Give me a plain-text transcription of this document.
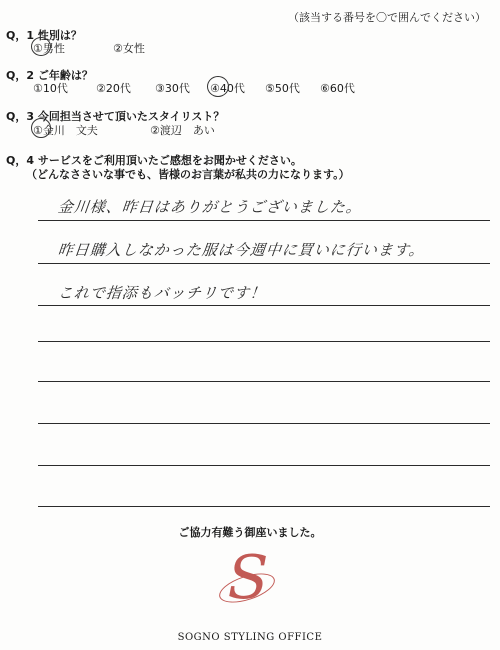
（該当する番号を〇で囲んでください）
Q，1 性別は？
①男性	②女性
Q，2 ご年齢は？
①10代	②20代 ③30代 ④40代 ⑤50代 ⑥60代
Q，3 今回担当させて頂いたスタイリスト？
①金川　文夫	②渡辺　あい
Q，4 サービスをご利用頂いたご感想をお聞かせください。
（どんなささいな事でも、皆様のお言葉が私共の力になります。）
金川様、昨日はありがとうございました。
昨日購入しなかった服は今週中に買いに行います。
これで指添もバッチリです！
ご協力有難う御座いました。
S
SOGNO STYLING OFFICE
